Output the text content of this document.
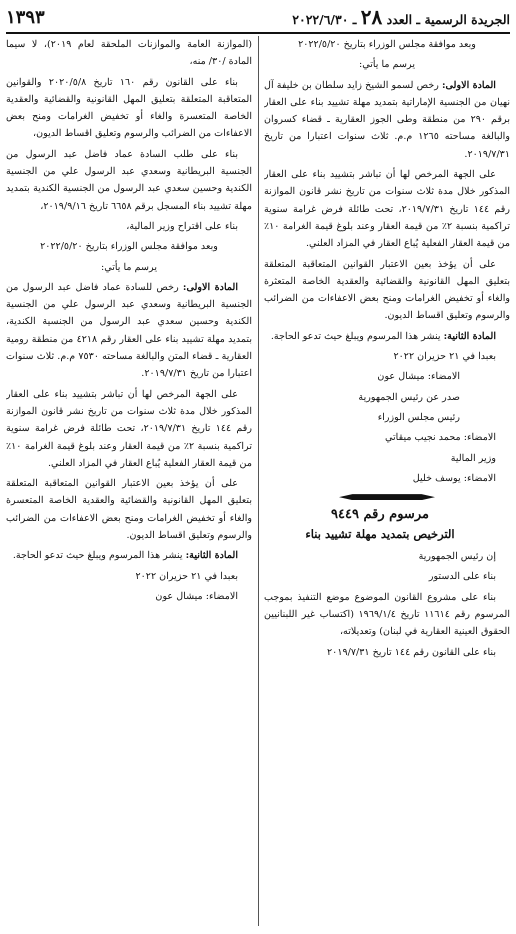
الجريدة الرسمية ـ العدد ٢٨ ـ ٢٠٢٢/٦/٣٠
١٣٩٣

وبعد موافقة مجلس الوزراء بتاريخ ٢٠٢٢/٥/٢٠

يرسم ما يأتي:

المادة الاولى: رخص لسمو الشيخ زايد سلطان بن خليفة آل نهيان من الجنسية الإماراتية بتمديد مهلة تشييد بناء على العقار برقم ٢٩٠ من منطقة وطى الجوز العقارية ـ قضاء كسروان والبالغة مساحته ١٢٦٥ م.م. ثلاث سنوات اعتبارا من تاريخ ٢٠١٩/٧/٣١.

على الجهة المرخص لها أن تباشر بتشييد بناء على العقار المذكور خلال مدة ثلاث سنوات من تاريخ نشر قانون الموازنة رقم ١٤٤ تاريخ ٢٠١٩/٧/٣١، تحت طائلة فرض غرامة سنوية تراكمية بنسبة ٢٪ من قيمة العقار وعند بلوغ قيمة الغرامة ١٠٪ من قيمة العقار الفعلية يُباع العقار في المزاد العلني.

على أن يؤخذ بعين الاعتبار القوانين المتعاقبة المتعلقة بتعليق المهل القانونية والقضائية والعقدية الخاصة المتعثرة والغاء أو تخفيض الغرامات ومنح بعض الاعفاءات من الضرائب والرسوم وتعليق اقساط الديون.

المادة الثانية: ينشر هذا المرسوم ويبلغ حيث تدعو الحاجة.

بعبدا في ٢١ حزيران ٢٠٢٢

الامضاء: ميشال عون

صدر عن رئيس الجمهورية

رئيس مجلس الوزراء

الامضاء: محمد نجيب ميقاتي

وزير المالية

الامضاء: يوسف خليل

مرسوم رقم ٩٤٤٩

الترخيص بتمديد مهلة تشييد بناء

إن رئيس الجمهورية

بناء على الدستور

بناء على مشروع القانون الموضوع موضع التنفيذ بموجب المرسوم رقم ١١٦١٤ تاريخ ١٩٦٩/١/٤ (اكتساب غير اللبنانيين الحقوق العينية العقارية في لبنان) وتعديلاته،

بناء على القانون رقم ١٤٤ تاريخ ٢٠١٩/٧/٣١

(الموازنة العامة والموازنات الملحقة لعام ٢٠١٩)، لا سيما المادة /٣٠/ منه،

بناء على القانون رقم ١٦٠ تاريخ ٢٠٢٠/٥/٨ والقوانين المتعاقبة المتعلقة بتعليق المهل القانونية والقضائية والعقدية الخاصة المتعسرة والغاء أو تخفيض الغرامات ومنح بعض الاعفاءات من الضرائب والرسوم وتعليق اقساط الديون،

بناء على طلب السادة عماد فاضل عبد الرسول من الجنسية البريطانية وسعدي عبد الرسول علي من الجنسية الكندية وحسين سعدي عبد الرسول من الجنسية الكندية بتمديد مهلة تشييد بناء المسجل برقم ٦٦٥٨ تاريخ ٢٠١٩/٩/١٦،

بناء على اقتراح وزير المالية،

وبعد موافقة مجلس الوزراء بتاريخ ٢٠٢٢/٥/٢٠

يرسم ما يأتي:

المادة الاولى: رخص للسادة عماد فاضل عبد الرسول من الجنسية البريطانية وسعدي عبد الرسول علي من الجنسية الكندية وحسين سعدي عبد الرسول من الجنسية الكندية، بتمديد مهلة تشييد بناء على العقار رقم ٤٢١٨ من منطقة رومية العقارية ـ قضاء المتن والبالغة مساحته ٧٥٣٠ م.م. ثلاث سنوات اعتبارا من تاريخ ٢٠١٩/٧/٣١.

على الجهة المرخص لها أن تباشر بتشييد بناء على العقار المذكور خلال مدة ثلاث سنوات من تاريخ نشر قانون الموازنة رقم ١٤٤ تاريخ ٢٠١٩/٧/٣١، تحت طائلة فرض غرامة سنوية تراكمية بنسبة ٢٪ من قيمة العقار وعند بلوغ قيمة الغرامة ١٠٪ من قيمة العقار الفعلية يُباع العقار في المزاد العلني.

على أن يؤخذ بعين الاعتبار القوانين المتعاقبة المتعلقة بتعليق المهل القانونية والقضائية والعقدية الخاصة المتعسرة والغاء أو تخفيض الغرامات ومنح بعض الاعفاءات من الضرائب والرسوم وتعليق اقساط الديون.

المادة الثانية: ينشر هذا المرسوم ويبلغ حيث تدعو الحاجة.

بعبدا في ٢١ حزيران ٢٠٢٢

الامضاء: ميشال عون
